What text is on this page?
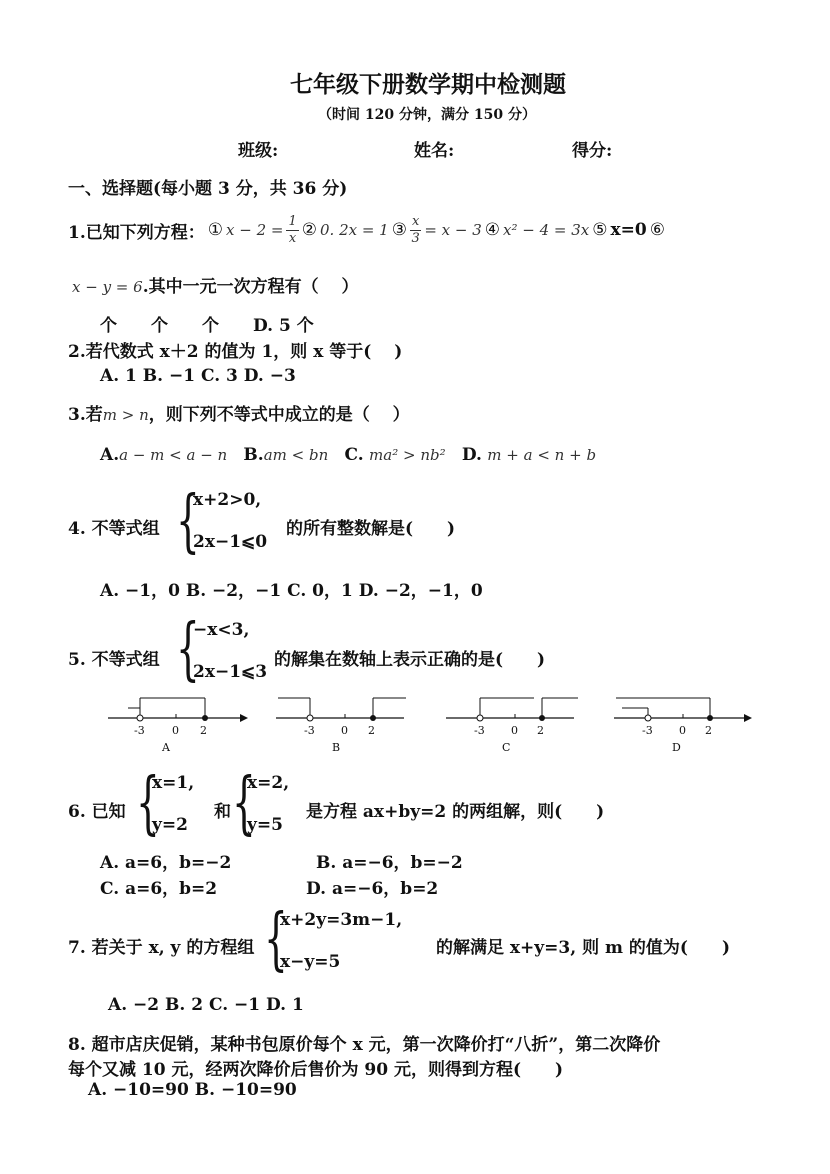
七年级下册数学期中检测题
（时间 120 分钟，满分 150 分）
班级:	姓名:	得分:
一、选择题(每小题 3 分，共 36 分)
1.已知下列方程： ① $x - 2 = \frac{1}{x}$ ② 0. 2x = 1 ③ $\frac{x}{3} = x - 3$ ④ x² − 4 = 3x ⑤ x=0 ⑥
x − y = 6.其中一元一次方程有（　 ）
个　　个　　个　　D. 5 个
2.若代数式 x＋2 的值为 1，则 x 等于(　 )
A. 1 B. −1 C. 3 D. −3
3.若m > n，则下列不等式中成立的是（　 ）
A.a − m < a − n B.am < bn C. ma² > nb² D. m + a < n + b
4. 不等式组 {
x+2>0,
2x−1⩽0
的所有整数解是(　　)
A. −1，0 B. −2，−1 C. 0，1 D. −2，−1，0
5. 不等式组 {
−x<3,
2x−1⩽3
的解集在数轴上表示正确的是(　　)
-3 0 2
A
-3 0 2
B
-3 0 2
C
-3 0 2
D
6. 已知 {
x=1,
y=2
和 {
x=2,
y=5
是方程 ax+by=2 的两组解，则(　　)
A. a=6，b=−2	B. a=−6，b=−2
C. a=6，b=2	D. a=−6，b=2
7. 若关于 x, y 的方程组 {
x+2y=3m−1,
x−y=5
的解满足 x+y=3, 则 m 的值为(　　)
A. −2 B. 2 C. −1 D. 1
8. 超市店庆促销，某种书包原价每个 x 元，第一次降价打“八折”，第二次降价
每个又减 10 元，经两次降价后售价为 90 元，则得到方程(　　)
A. −10=90 B. −10=90
